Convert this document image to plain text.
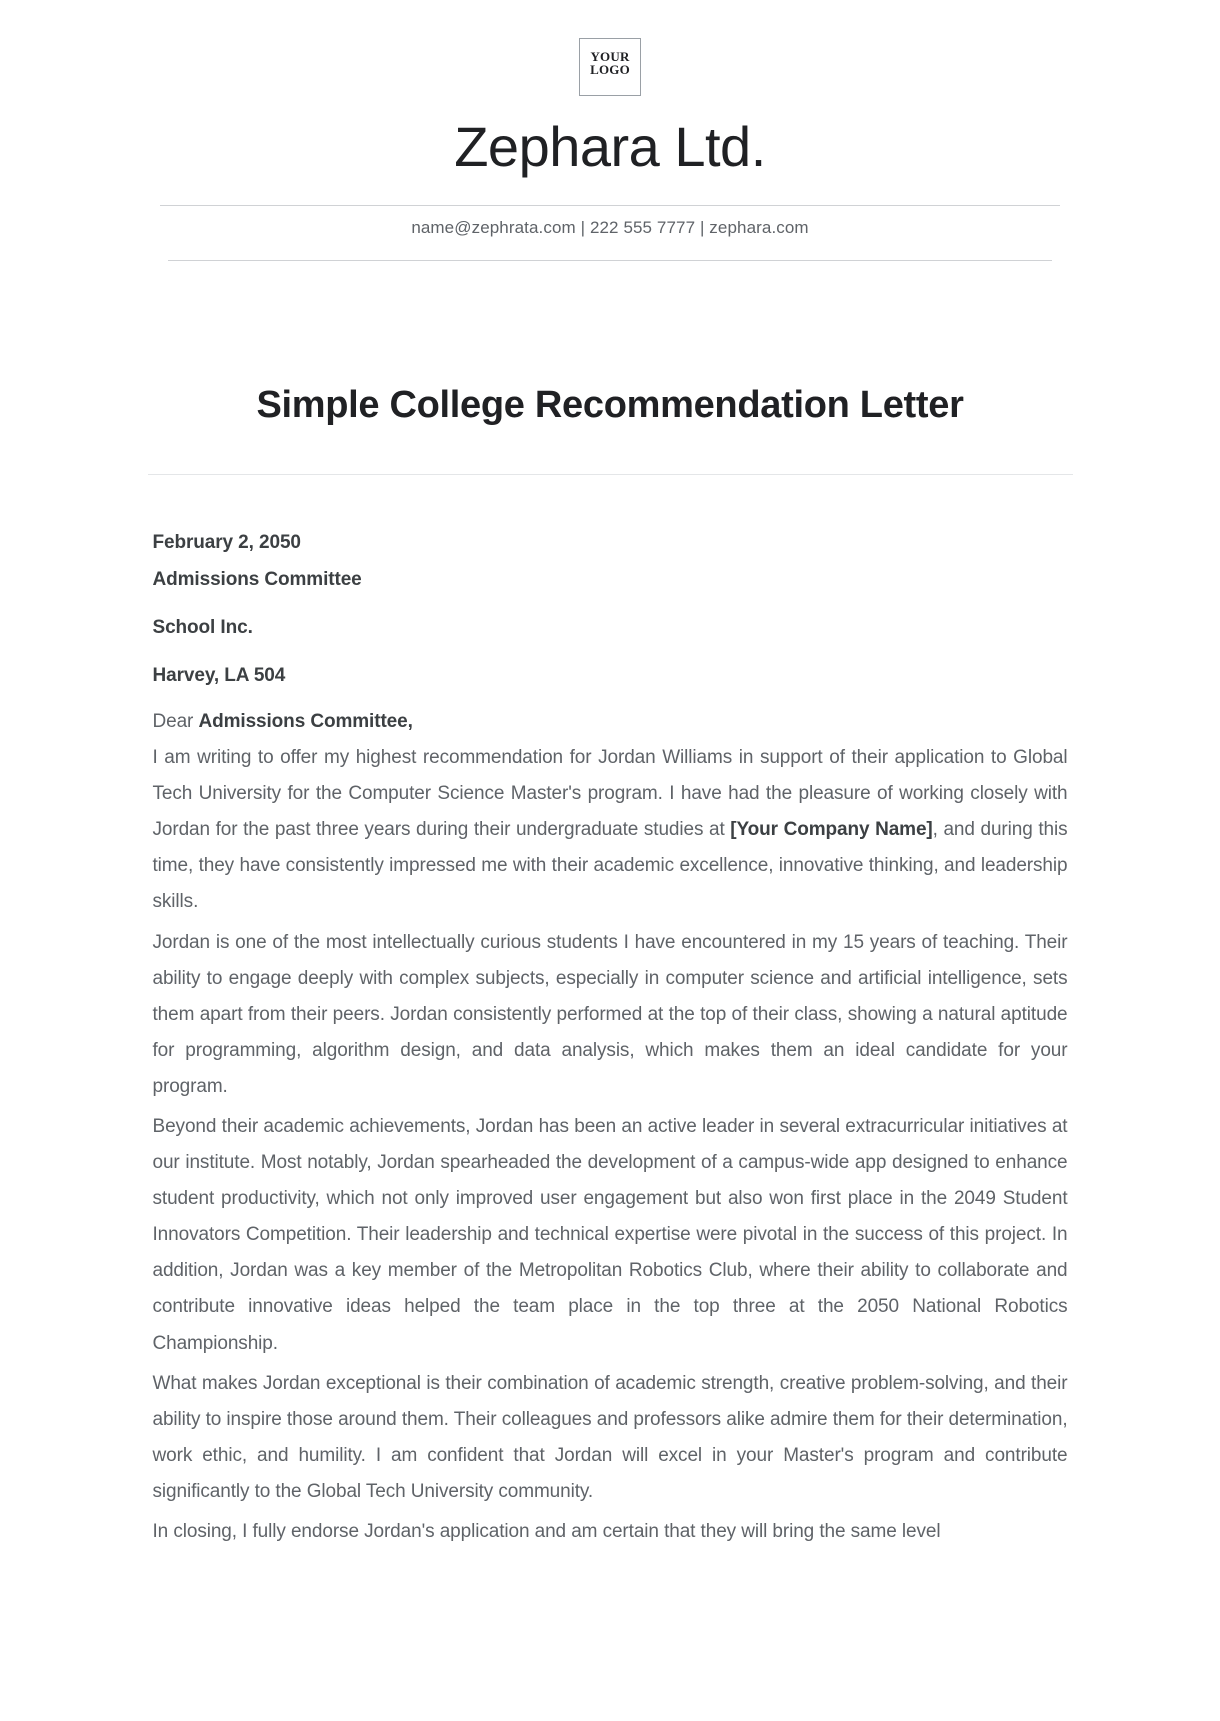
YOUR
LOGO
Zephara Ltd.
name@zephrata.com | 222 555 7777 | zephara.com
Simple College Recommendation Letter
February 2, 2050
Admissions Committee
School Inc.
Harvey, LA 504
Dear Admissions Committee,

I am writing to offer my highest recommendation for Jordan Williams in support of their application to Global Tech University for the Computer Science Master's program. I have had the pleasure of working closely with Jordan for the past three years during their undergraduate studies at [Your Company Name], and during this time, they have consistently impressed me with their academic excellence, innovative thinking, and leadership skills.

Jordan is one of the most intellectually curious students I have encountered in my 15 years of teaching. Their ability to engage deeply with complex subjects, especially in computer science and artificial intelligence, sets them apart from their peers. Jordan consistently performed at the top of their class, showing a natural aptitude for programming, algorithm design, and data analysis, which makes them an ideal candidate for your program.

Beyond their academic achievements, Jordan has been an active leader in several extracurricular initiatives at our institute. Most notably, Jordan spearheaded the development of a campus-wide app designed to enhance student productivity, which not only improved user engagement but also won first place in the 2049 Student Innovators Competition. Their leadership and technical expertise were pivotal in the success of this project. In addition, Jordan was a key member of the Metropolitan Robotics Club, where their ability to collaborate and contribute innovative ideas helped the team place in the top three at the 2050 National Robotics Championship.

What makes Jordan exceptional is their combination of academic strength, creative problem-solving, and their ability to inspire those around them. Their colleagues and professors alike admire them for their determination, work ethic, and humility. I am confident that Jordan will excel in your Master's program and contribute significantly to the Global Tech University community.

In closing, I fully endorse Jordan's application and am certain that they will bring the same level
